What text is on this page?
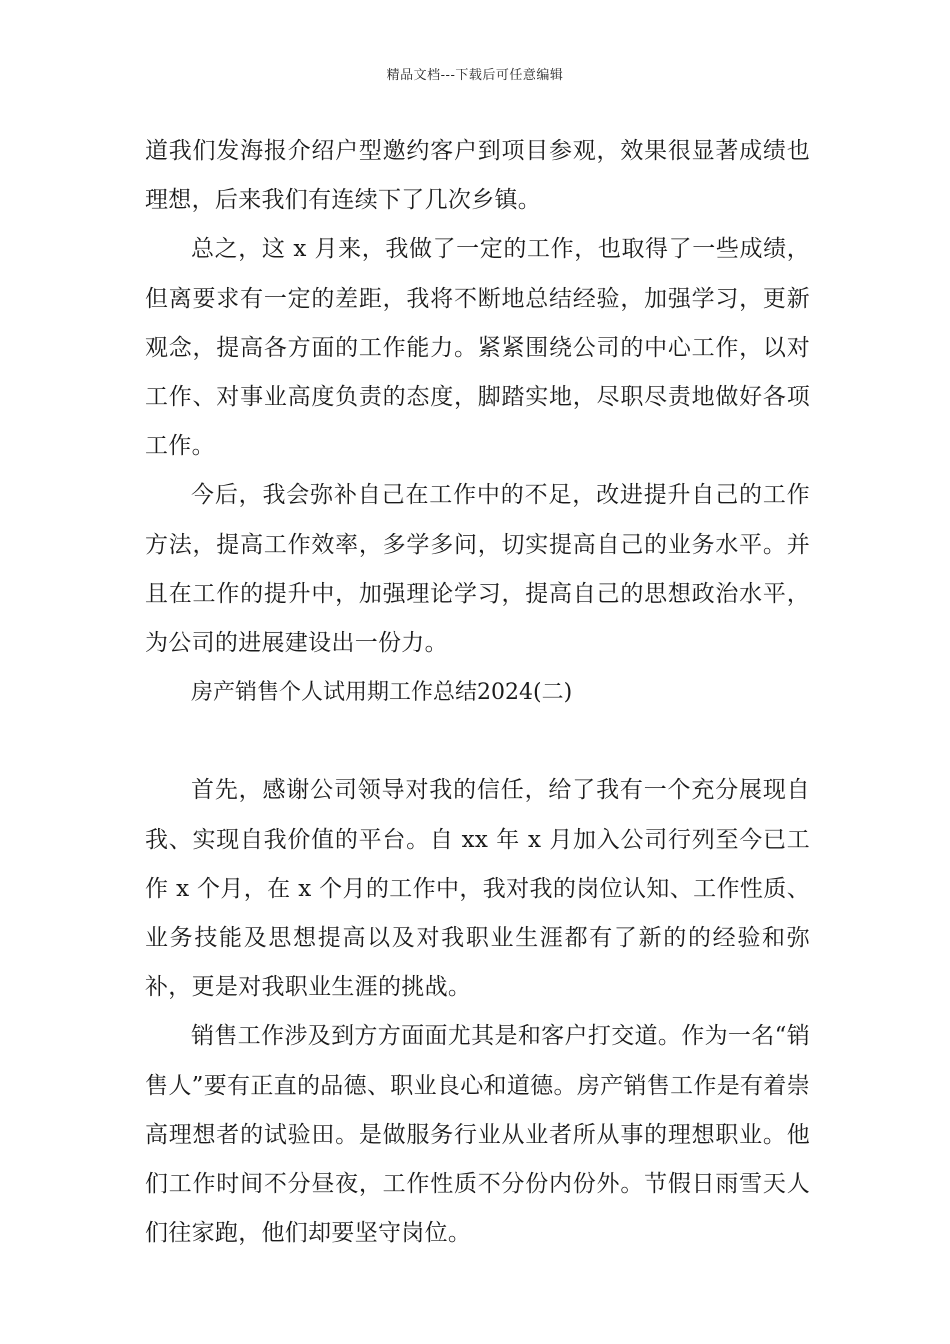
精品文档---下载后可任意编辑

道我们发海报介绍户型邀约客户到项目参观，效果很显著成绩也理想，后来我们有连续下了几次乡镇。

总之，这 x 月来，我做了一定的工作，也取得了一些成绩，但离要求有一定的差距，我将不断地总结经验，加强学习，更新观念，提高各方面的工作能力。紧紧围绕公司的中心工作，以对工作、对事业高度负责的态度，脚踏实地，尽职尽责地做好各项工作。

今后，我会弥补自己在工作中的不足，改进提升自己的工作方法，提高工作效率，多学多问，切实提高自己的业务水平。并且在工作的提升中，加强理论学习，提高自己的思想政治水平，为公司的进展建设出一份力。

房产销售个人试用期工作总结2024(二)

首先，感谢公司领导对我的信任，给了我有一个充分展现自我、实现自我价值的平台。自 xx 年 x 月加入公司行列至今已工作 x 个月，在 x 个月的工作中，我对我的岗位认知、工作性质、业务技能及思想提高以及对我职业生涯都有了新的的经验和弥补，更是对我职业生涯的挑战。

销售工作涉及到方方面面尤其是和客户打交道。作为一名“销售人”要有正直的品德、职业良心和道德。房产销售工作是有着崇高理想者的试验田。是做服务行业从业者所从事的理想职业。他们工作时间不分昼夜，工作性质不分份内份外。节假日雨雪天人们往家跑，他们却要坚守岗位。
